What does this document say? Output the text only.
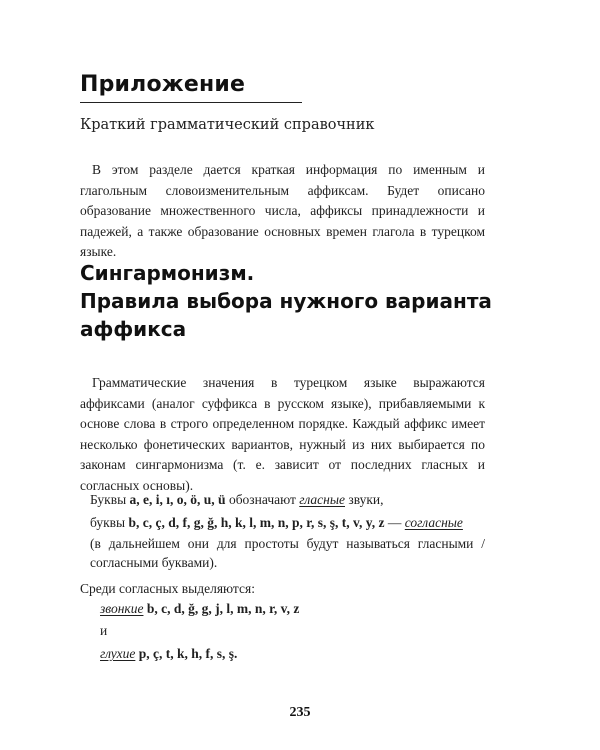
Приложение
Краткий грамматический справочник
В этом разделе дается краткая информация по именным и глагольным словоизменительным аффиксам. Будет описано образование множественного числа, аффиксы принадлежности и падежей, а также образование основных времен глагола в турецком языке.
Сингармонизм.
Правила выбора нужного варианта
аффикса
Грамматические значения в турецком языке выражаются аффиксами (аналог суффикса в русском языке), прибавляемыми к основе слова в строго определенном порядке. Каждый аффикс имеет несколько фонетических вариантов, нужный из них выбирается по законам сингармонизма (т. е. зависит от последних гласных и согласных основы).
Буквы a, e, i, ı, o, ö, u, ü обозначают гласные звуки,
буквы b, c, ç, d, f, g, ğ, h, k, l, m, n, p, r, s, ş, t, v, y, z — согласные
(в дальнейшем они для простоты будут называться гласными / согласными буквами).
Среди согласных выделяются:
звонкие b, c, d, ğ, g, j, l, m, n, r, v, z
и
глухие p, ç, t, k, h, f, s, ş.
235
